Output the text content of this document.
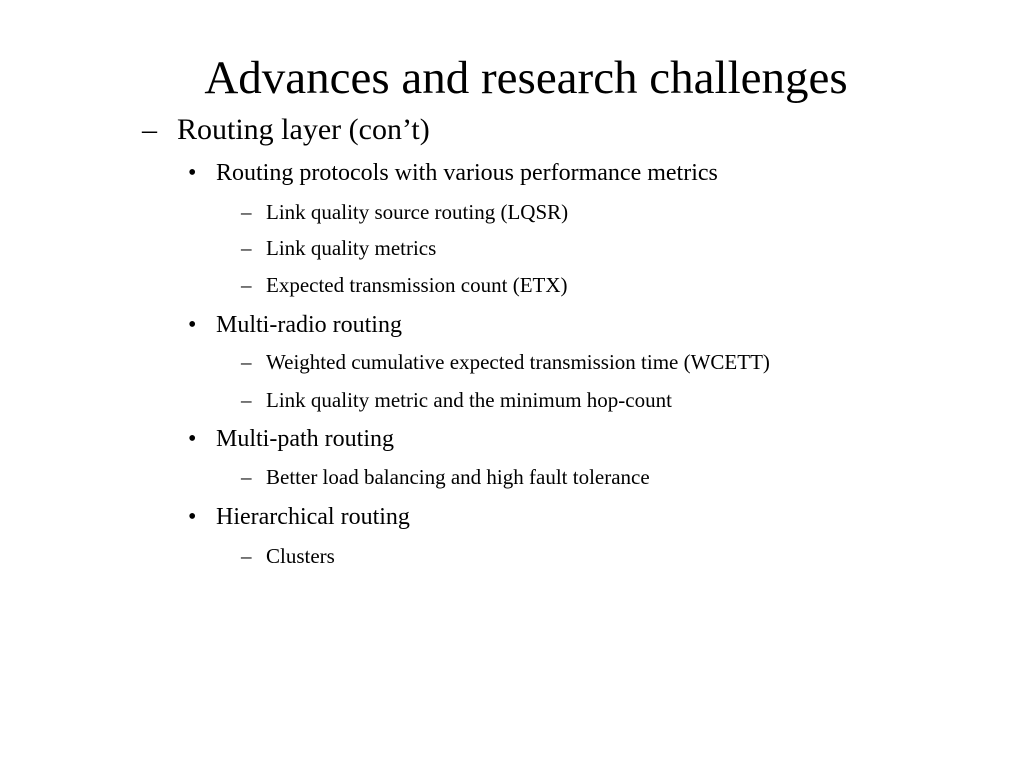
Advances and research challenges
– Routing layer (con’t)
• Routing protocols with various performance metrics
– Link quality source routing (LQSR)
– Link quality metrics
– Expected transmission count (ETX)
• Multi-radio routing
– Weighted cumulative expected transmission time (WCETT)
– Link quality metric and the minimum hop-count
• Multi-path routing
– Better load balancing and high fault tolerance
• Hierarchical routing
– Clusters
